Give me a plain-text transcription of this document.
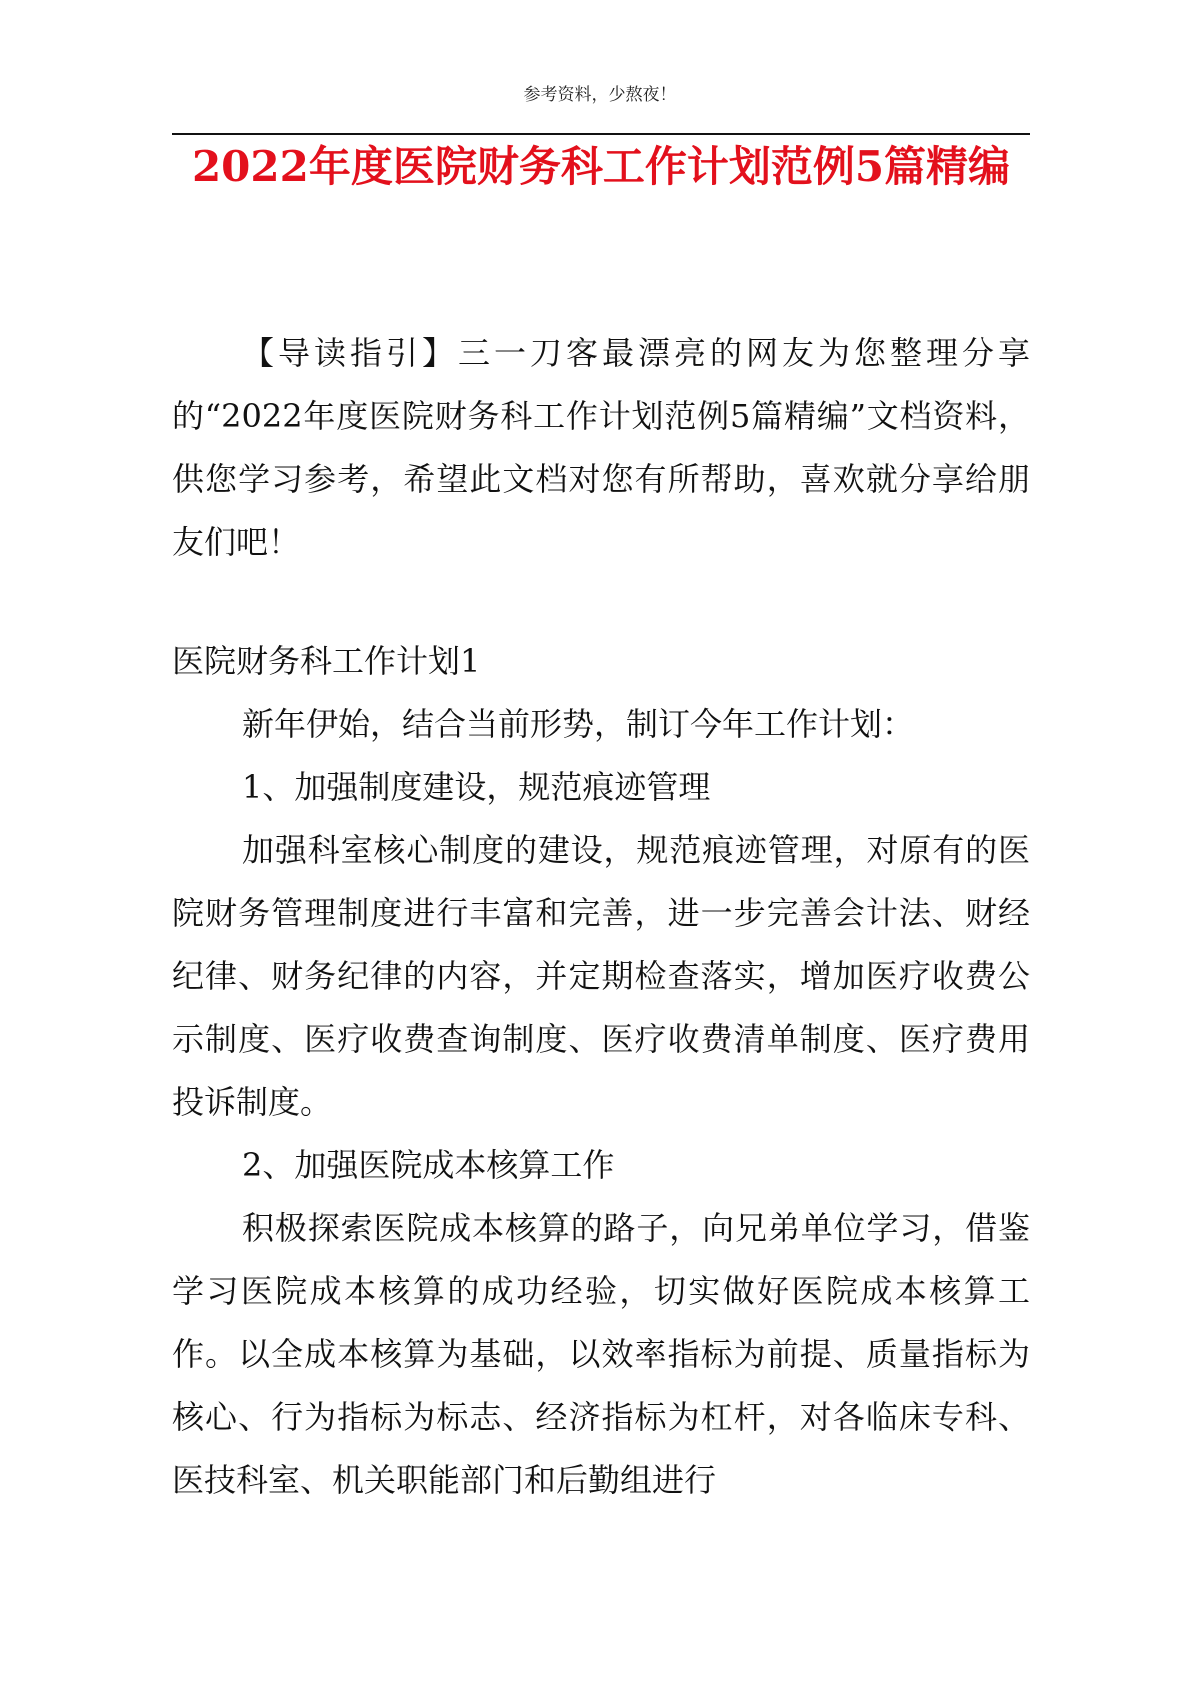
参考资料，少熬夜！
2022年度医院财务科工作计划范例5篇精编

【导读指引】三一刀客最漂亮的网友为您整理分享的“2022年度医院财务科工作计划范例5篇精编”文档资料，供您学习参考，希望此文档对您有所帮助，喜欢就分享给朋友们吧！

医院财务科工作计划1

新年伊始，结合当前形势，制订今年工作计划：

1、加强制度建设，规范痕迹管理

加强科室核心制度的建设，规范痕迹管理，对原有的医院财务管理制度进行丰富和完善，进一步完善会计法、财经纪律、财务纪律的内容，并定期检查落实，增加医疗收费公示制度、医疗收费查询制度、医疗收费清单制度、医疗费用投诉制度。

2、加强医院成本核算工作

积极探索医院成本核算的路子，向兄弟单位学习，借鉴学习医院成本核算的成功经验，切实做好医院成本核算工作。以全成本核算为基础，以效率指标为前提、质量指标为核心、行为指标为标志、经济指标为杠杆，对各临床专科、医技科室、机关职能部门和后勤组进行
